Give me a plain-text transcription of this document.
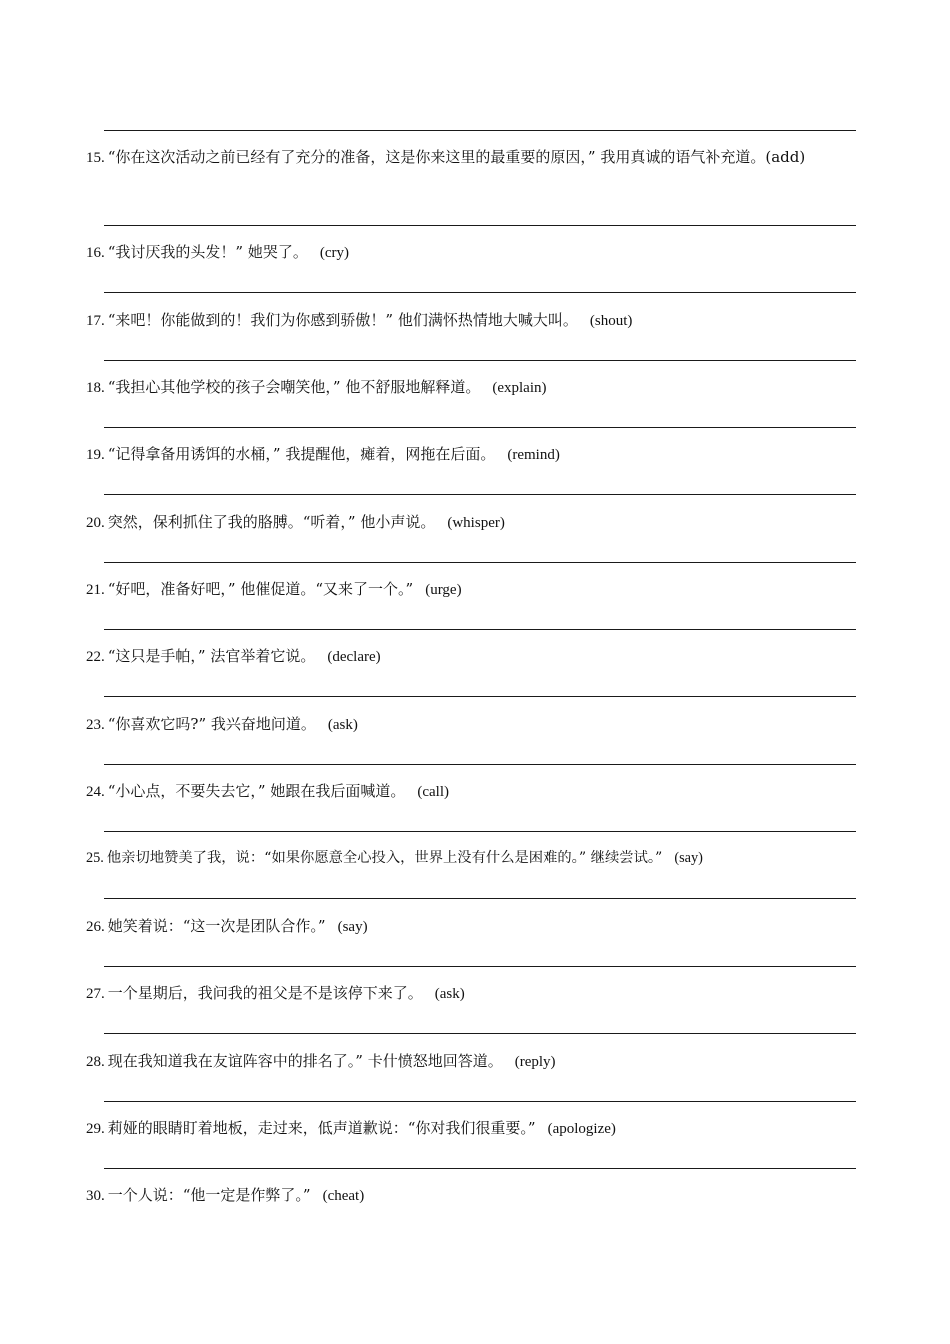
15. “你在这次活动之前已经有了充分的准备，这是你来这里的最重要的原因，” 我用真诚的语气补充道。(add)
16. “我讨厌我的头发！” 她哭了。 (cry)
17. “来吧！你能做到的！我们为你感到骄傲！” 他们满怀热情地大喊大叫。 (shout)
18. “我担心其他学校的孩子会嘲笑他，” 他不舒服地解释道。 (explain)
19. “记得拿备用诱饵的水桶，” 我提醒他，瘫着，网拖在后面。 (remind)
20. 突然，保利抓住了我的胳膊。“听着，” 他小声说。 (whisper)
21. “好吧，准备好吧，” 他催促道。“又来了一个。” (urge)
22. “这只是手帕，” 法官举着它说。 (declare)
23. “你喜欢它吗?” 我兴奋地问道。 (ask)
24. “小心点，不要失去它，” 她跟在我后面喊道。 (call)
25. 他亲切地赞美了我，说：“如果你愿意全心投入，世界上没有什么是困难的。” 继续尝试。” (say)
26. 她笑着说：“这一次是团队合作。” (say)
27. 一个星期后，我问我的祖父是不是该停下来了。 (ask)
28. 现在我知道我在友谊阵容中的排名了。” 卡什愤怒地回答道。 (reply)
29. 莉娅的眼睛盯着地板，走过来，低声道歉说：“你对我们很重要。” (apologize)
30. 一个人说：“他一定是作弊了。” (cheat)
